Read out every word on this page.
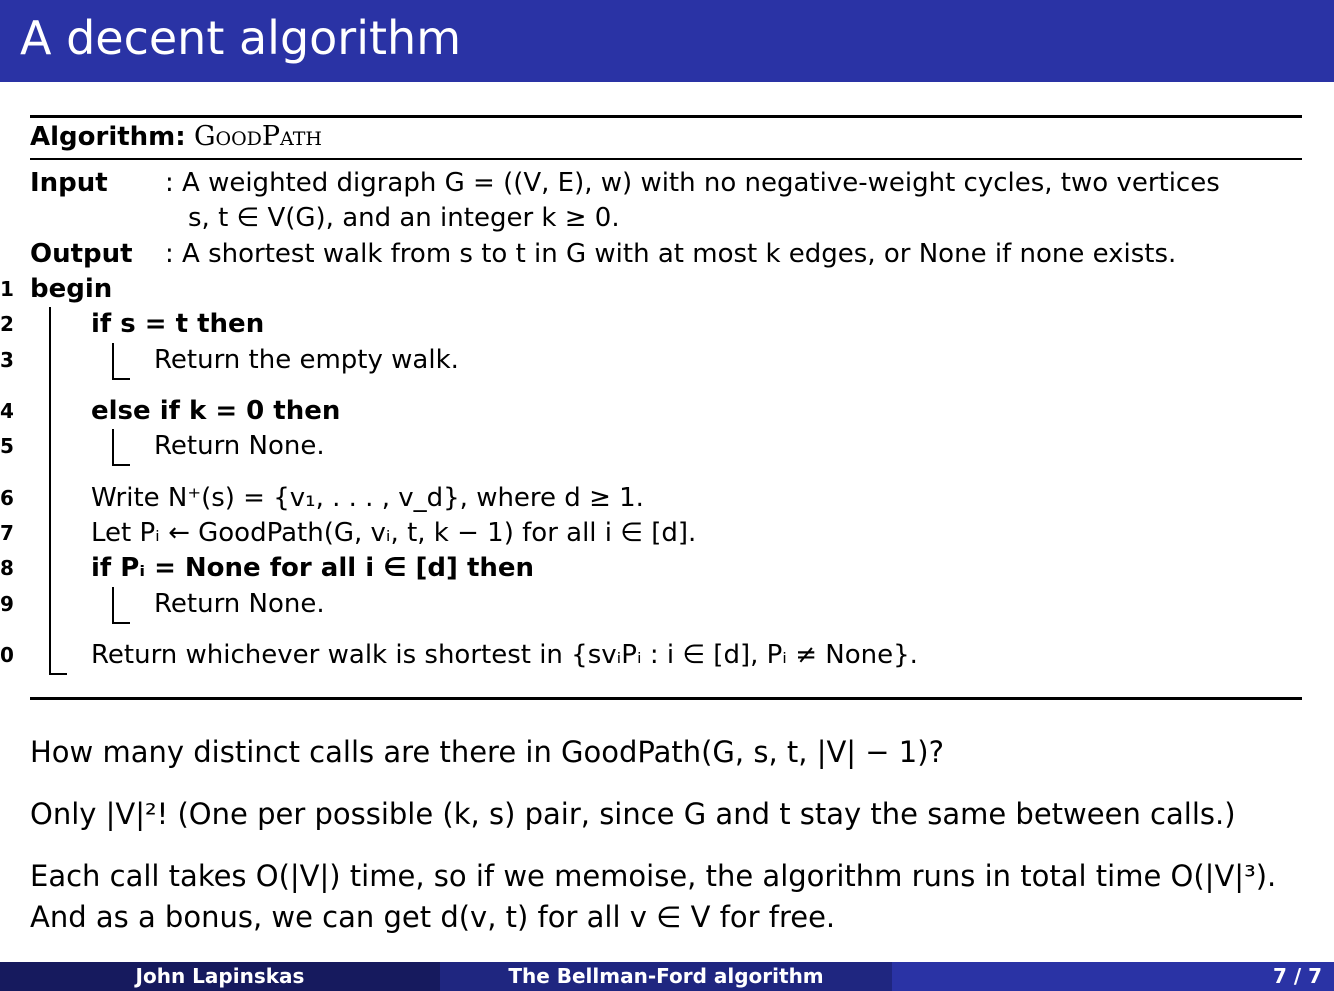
A decent algorithm
Algorithm: GoodPath
Input : A weighted digraph G = ((V, E), w) with no negative-weight cycles, two vertices
s, t ∈ V(G), and an integer k ≥ 0.
Output : A shortest walk from s to t in G with at most k edges, or None if none exists.
1
2
3
4
5
6
7
8
9
0
begin
if s = t then
Return the empty walk.
else if k = 0 then
Return None.
Write N⁺(s) = {v₁, . . . , v_d}, where d ≥ 1.
Let Pᵢ ← GoodPath(G, vᵢ, t, k − 1) for all i ∈ [d].
if Pᵢ = None for all i ∈ [d] then
Return None.
Return whichever walk is shortest in {svᵢPᵢ : i ∈ [d], Pᵢ ≠ None}.
How many distinct calls are there in GoodPath(G, s, t, |V| − 1)?
Only |V|²! (One per possible (k, s) pair, since G and t stay the same between calls.)
Each call takes O(|V|) time, so if we memoise, the algorithm runs in total time O(|V|³).
And as a bonus, we can get d(v, t) for all v ∈ V for free.
John Lapinskas	The Bellman-Ford algorithm	7 / 7
